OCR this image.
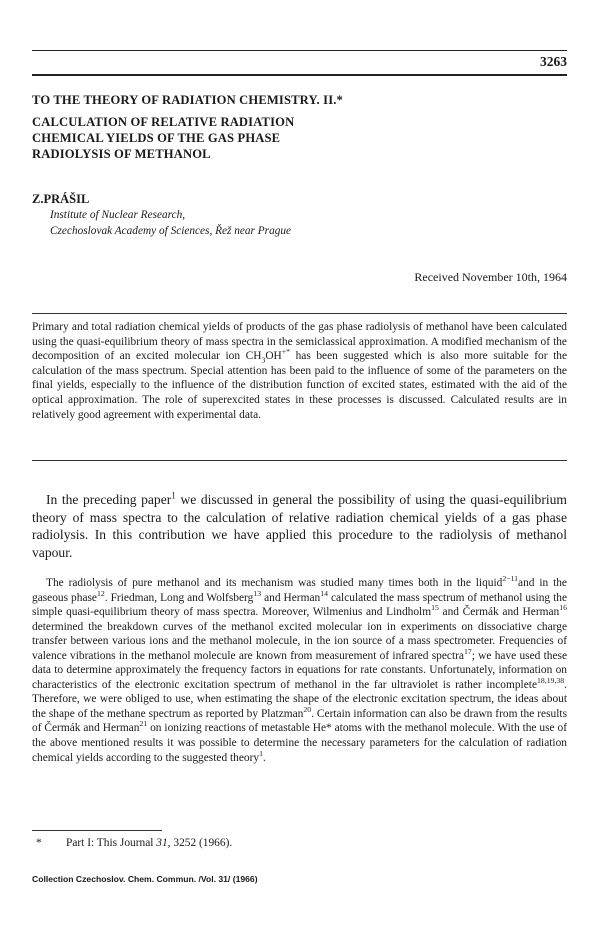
3263
TO THE THEORY OF RADIATION CHEMISTRY. II.*
CALCULATION OF RELATIVE RADIATION
CHEMICAL YIELDS OF THE GAS PHASE
RADIOLYSIS OF METHANOL
Z.PRÁŠIL
Institute of Nuclear Research,
Czechoslovak Academy of Sciences, Řež near Prague
Received November 10th, 1964
Primary and total radiation chemical yields of products of the gas phase radiolysis of methanol have been calculated using the quasi-equilibrium theory of mass spectra in the semiclassical approximation. A modified mechanism of the decomposition of an excited molecular ion $CH_3OH^{+*}$ has been suggested which is also more suitable for the calculation of the mass spectrum. Special attention has been paid to the influence of some of the parameters on the final yields, especially to the influence of the distribution function of excited states, estimated with the aid of the optical approximation. The role of superexcited states in these processes is discussed. Calculated results are in relatively good agreement with experimental data.
In the preceding paper$^1$ we discussed in general the possibility of using the quasi-equilibrium theory of mass spectra to the calculation of relative radiation chemical yields of a gas phase radiolysis. In this contribution we have applied this procedure to the radiolysis of methanol vapour.
The radiolysis of pure methanol and its mechanism was studied many times both in the liquid$^{2-11}$and in the gaseous phase$^{12}$. Friedman, Long and Wolfsberg$^{13}$ and Herman$^{14}$ calculated the mass spectrum of methanol using the simple quasi-equilibrium theory of mass spectra. Moreover, Wilmenius and Lindholm$^{15}$ and Čermák and Herman$^{16}$ determined the breakdown curves of the methanol excited molecular ion in experiments on dissociative charge transfer between various ions and the methanol molecule, in the ion source of a mass spectrometer. Frequencies of valence vibrations in the methanol molecule are known from measurement of infrared spectra$^{17}$; we have used these data to determine approximately the frequency factors in equations for rate constants. Unfortunately, information on characteristics of the electronic excitation spectrum of methanol in the far ultraviolet is rather incomplete$^{18,19,38}$. Therefore, we were obliged to use, when estimating the shape of the electronic excitation spectrum, the ideas about the shape of the methane spectrum as reported by Platzman$^{20}$. Certain information can also be drawn from the results of Čermák and Herman$^{21}$ on ionizing reactions of metastable He* atoms with the methanol molecule. With the use of the above mentioned results it was possible to determine the necessary parameters for the calculation of radiation chemical yields according to the suggested theory$^1$.
* Part I: This Journal 31, 3252 (1966).
Collection Czechoslov. Chem. Commun. /Vol. 31/ (1966)
